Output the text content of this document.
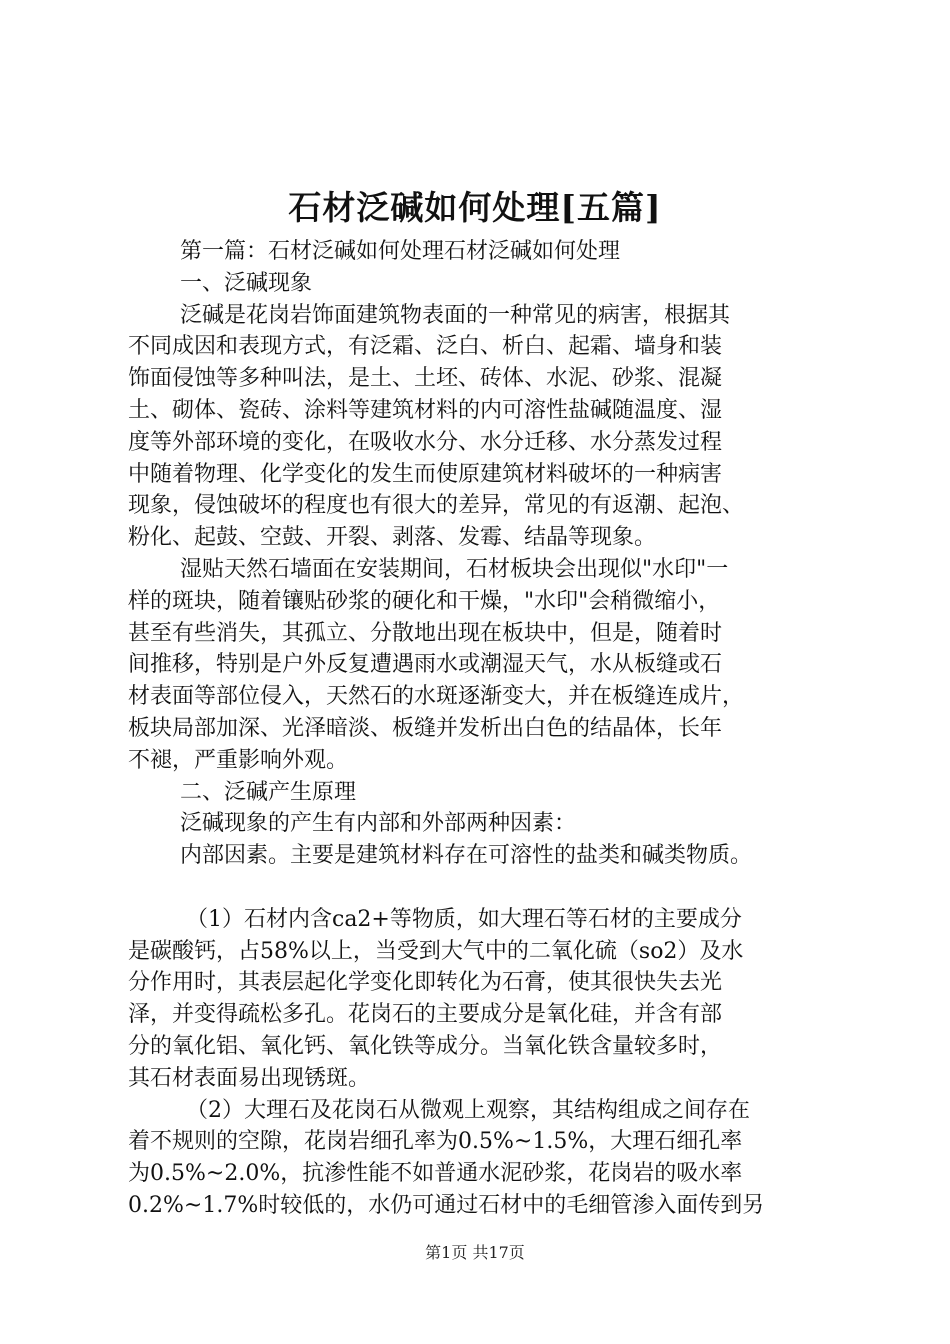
石材泛碱如何处理[五篇]
第一篇：石材泛碱如何处理石材泛碱如何处理
一、泛碱现象
泛碱是花岗岩饰面建筑物表面的一种常见的病害，根据其
不同成因和表现方式，有泛霜、泛白、析白、起霜、墙身和装
饰面侵蚀等多种叫法，是土、土坯、砖体、水泥、砂浆、混凝
土、砌体、瓷砖、涂料等建筑材料的内可溶性盐碱随温度、湿
度等外部环境的变化，在吸收水分、水分迁移、水分蒸发过程
中随着物理、化学变化的发生而使原建筑材料破坏的一种病害
现象，侵蚀破坏的程度也有很大的差异，常见的有返潮、起泡、
粉化、起鼓、空鼓、开裂、剥落、发霉、结晶等现象。
湿贴天然石墙面在安装期间，石材板块会出现似"水印"一
样的斑块，随着镶贴砂浆的硬化和干燥，"水印"会稍微缩小，
甚至有些消失，其孤立、分散地出现在板块中，但是，随着时
间推移，特别是户外反复遭遇雨水或潮湿天气，水从板缝或石
材表面等部位侵入，天然石的水斑逐渐变大，并在板缝连成片，
板块局部加深、光泽暗淡、板缝并发析出白色的结晶体，长年
不褪，严重影响外观。
二、泛碱产生原理
泛碱现象的产生有内部和外部两种因素：
内部因素。主要是建筑材料存在可溶性的盐类和碱类物质。
（1）石材内含ca2+等物质，如大理石等石材的主要成分
是碳酸钙，占58%以上，当受到大气中的二氧化硫（so2）及水
分作用时，其表层起化学变化即转化为石膏，使其很快失去光
泽，并变得疏松多孔。花岗石的主要成分是氧化硅，并含有部
分的氧化铝、氧化钙、氧化铁等成分。当氧化铁含量较多时，
其石材表面易出现锈斑。
（2）大理石及花岗石从微观上观察，其结构组成之间存在
着不规则的空隙，花岗岩细孔率为0.5%~1.5%，大理石细孔率
为0.5%~2.0%，抗渗性能不如普通水泥砂浆，花岗岩的吸水率
0.2%~1.7%时较低的，水仍可通过石材中的毛细管渗入面传到另
第1页 共17页
